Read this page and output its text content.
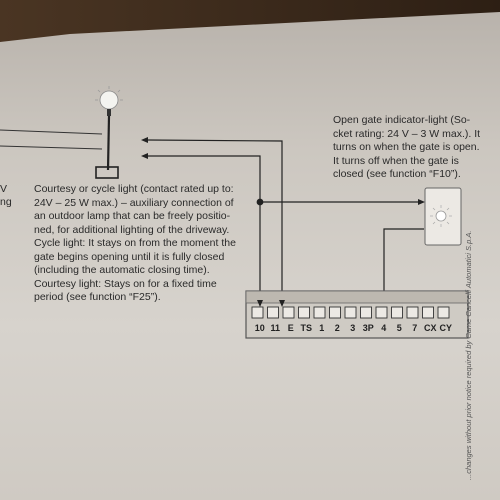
V
ng
Open gate indicator-light (So-
cket rating: 24 V – 3 W max.). It
turns on when the gate is open.
It turns off when the gate is
closed (see function “F10”).
Courtesy or cycle light (contact rated up to:
24V – 25 W max.) – auxiliary connection of
an outdoor lamp that can be freely positio-
ned, for additional lighting of the driveway.
Cycle light: It stays on from the moment the
gate begins opening until it is fully closed
(including the automatic closing time).
Courtesy light: Stays on for a fixed time
period (see function “F25”).
10 11 E TS 1	2	3 3P 4	5	7 CX CY ...changes without prior notice required by Came Cancelli Automatici S.p.A.
